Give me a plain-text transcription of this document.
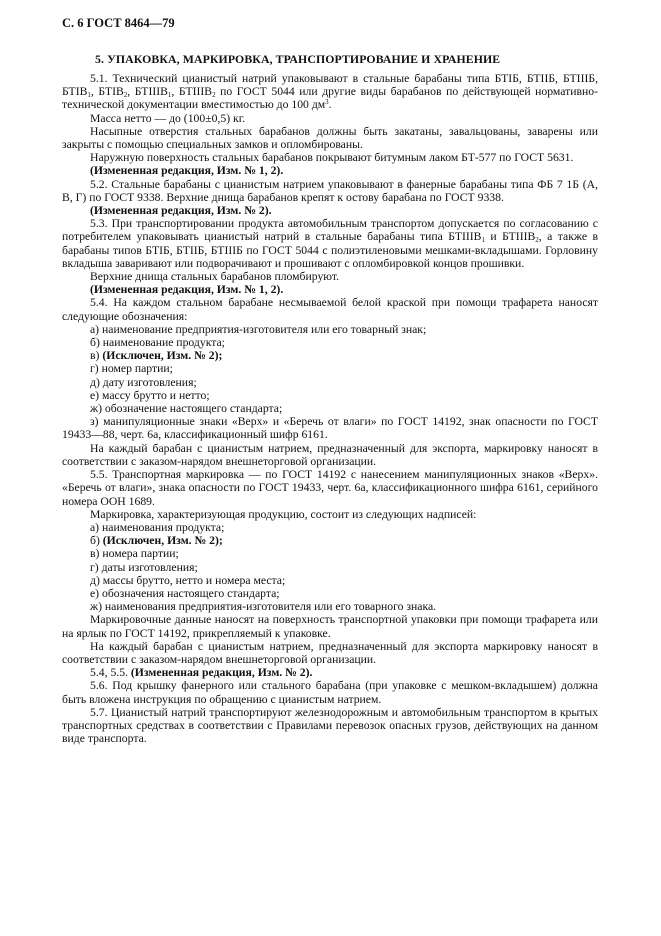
С. 6 ГОСТ 8464—79
5. УПАКОВКА, МАРКИРОВКА, ТРАНСПОРТИРОВАНИЕ И ХРАНЕНИЕ

5.1. Технический цианистый натрий упаковывают в стальные барабаны типа БТIБ, БТIIБ, БТIIIБ, $БТIВ_1$, $БТIВ_2$, $БТIIIВ_1$, $БТIIIВ_2$ по ГОСТ 5044 или другие виды барабанов по действующей нормативно-технической документации вместимостью до 100 $дм^3$.

Масса нетто — до (100±0,5) кг.

Насыпные отверстия стальных барабанов должны быть закатаны, завальцованы, заварены или закрыты с помощью специальных замков и опломбированы.

Наружную поверхность стальных барабанов покрывают битумным лаком БТ-577 по ГОСТ 5631.

(Измененная редакция, Изм. № 1, 2).

5.2. Стальные барабаны с цианистым натрием упаковывают в фанерные барабаны типа ФБ 7 1Б (А, В, Г) по ГОСТ 9338. Верхние днища барабанов крепят к остову барабана по ГОСТ 9338.

(Измененная редакция, Изм. № 2).

5.3. При транспортировании продукта автомобильным транспортом допускается по согласованию с потребителем упаковывать цианистый натрий в стальные барабаны типа $БТIIIВ_1$ и $БТIIIВ_2$, а также в барабаны типов БТIБ, БТIIБ, БТIIIБ по ГОСТ 5044 с полиэтиленовыми мешками-вкладышами. Горловину вкладыша заваривают или подворачивают и прошивают с опломбировкой концов прошивки.

Верхние днища стальных барабанов пломбируют.

(Измененная редакция, Изм. № 1, 2).

5.4. На каждом стальном барабане несмываемой белой краской при помощи трафарета наносят следующие обозначения:

а) наименование предприятия-изготовителя или его товарный знак;

б) наименование продукта;

в) (Исключен, Изм. № 2);

г) номер партии;

д) дату изготовления;

е) массу брутто и нетто;

ж) обозначение настоящего стандарта;

з) манипуляционные знаки «Верх» и «Беречь от влаги» по ГОСТ 14192, знак опасности по ГОСТ 19433—88, черт. 6а, классификационный шифр 6161.

На каждый барабан с цианистым натрием, предназначенный для экспорта, маркировку наносят в соответствии с заказом-нарядом внешнеторговой организации.

5.5. Транспортная маркировка — по ГОСТ 14192 с нанесением манипуляционных знаков «Верх». «Беречь от влаги», знака опасности по ГОСТ 19433, черт. 6а, классификационного шифра 6161, серийного номера ООН 1689.

Маркировка, характеризующая продукцию, состоит из следующих надписей:

а) наименования продукта;

б) (Исключен, Изм. № 2);

в) номера партии;

г) даты изготовления;

д) массы брутто, нетто и номера места;

е) обозначения настоящего стандарта;

ж) наименования предприятия-изготовителя или его товарного знака.

Маркировочные данные наносят на поверхность транспортной упаковки при помощи трафарета или на ярлык по ГОСТ 14192, прикрепляемый к упаковке.

На каждый барабан с цианистым натрием, предназначенный для экспорта маркировку наносят в соответствии с заказом-нарядом внешнеторговой организации.

5.4, 5.5. (Измененная редакция, Изм. № 2).

5.6. Под крышку фанерного или стального барабана (при упаковке с мешком-вкладышем) должна быть вложена инструкция по обращению с цианистым натрием.

5.7. Цианистый натрий транспортируют железнодорожным и автомобильным транспортом в крытых транспортных средствах в соответствии с Правилами перевозок опасных грузов, действующих на данном виде транспорта.
